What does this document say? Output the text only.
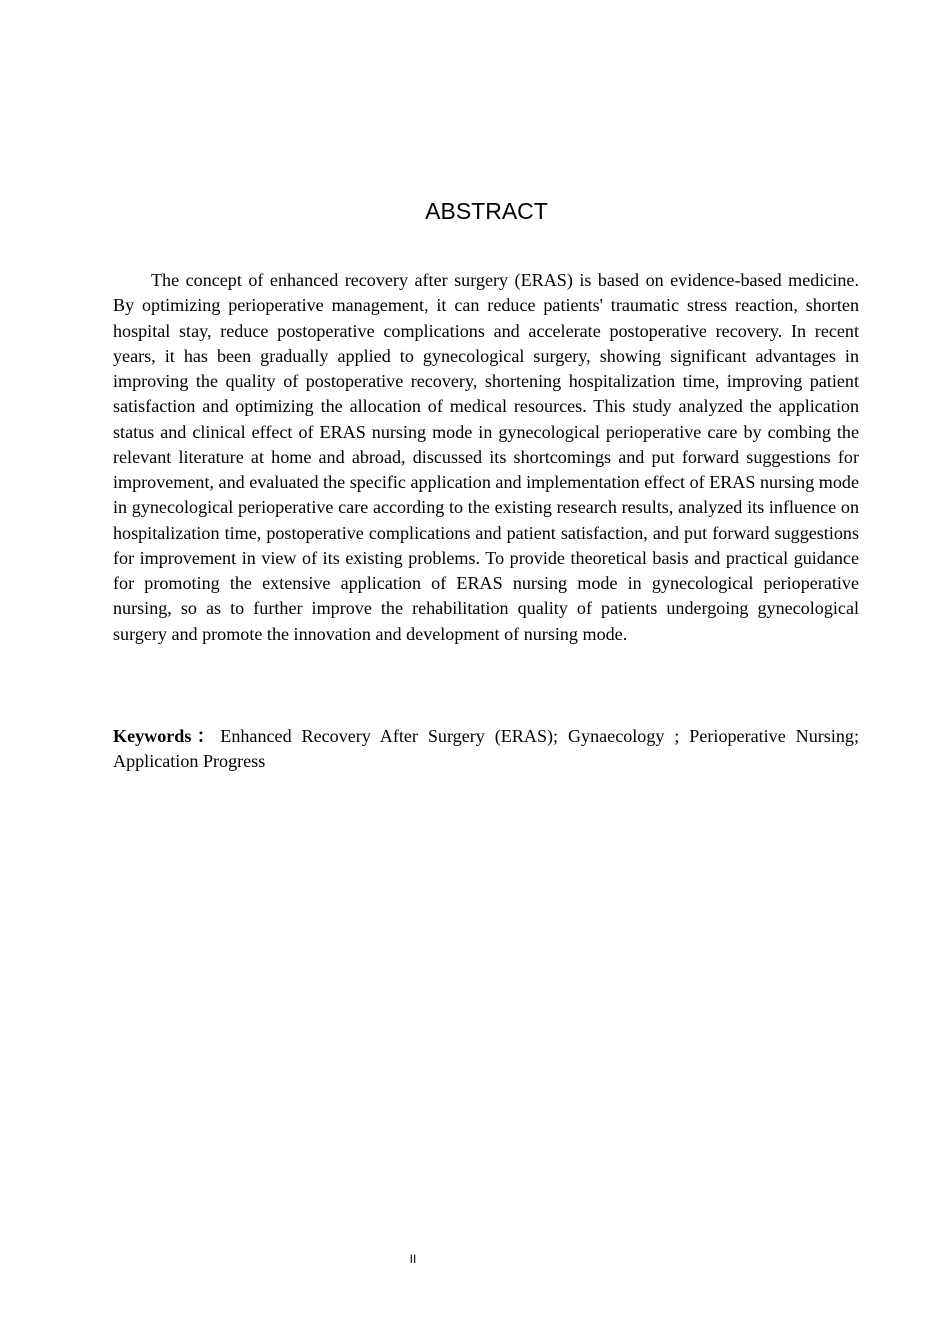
ABSTRACT

The concept of enhanced recovery after surgery (ERAS) is based on evidence-based medicine. By optimizing perioperative management, it can reduce patients' traumatic stress reaction, shorten hospital stay, reduce postoperative complications and accelerate postoperative recovery. In recent years, it has been gradually applied to gynecological surgery, showing significant advantages in improving the quality of postoperative recovery, shortening hospitalization time, improving patient satisfaction and optimizing the allocation of medical resources. This study analyzed the application status and clinical effect of ERAS nursing mode in gynecological perioperative care by combing the relevant literature at home and abroad, discussed its shortcomings and put forward suggestions for improvement, and evaluated the specific application and implementation effect of ERAS nursing mode in gynecological perioperative care according to the existing research results, analyzed its influence on hospitalization time, postoperative complications and patient satisfaction, and put forward suggestions for improvement in view of its existing problems. To provide theoretical basis and practical guidance for promoting the extensive application of ERAS nursing mode in gynecological perioperative nursing, so as to further improve the rehabilitation quality of patients undergoing gynecological surgery and promote the innovation and development of nursing mode.

Keywords：Enhanced Recovery After Surgery (ERAS); Gynaecology ; Perioperative Nursing; Application Progress

II
